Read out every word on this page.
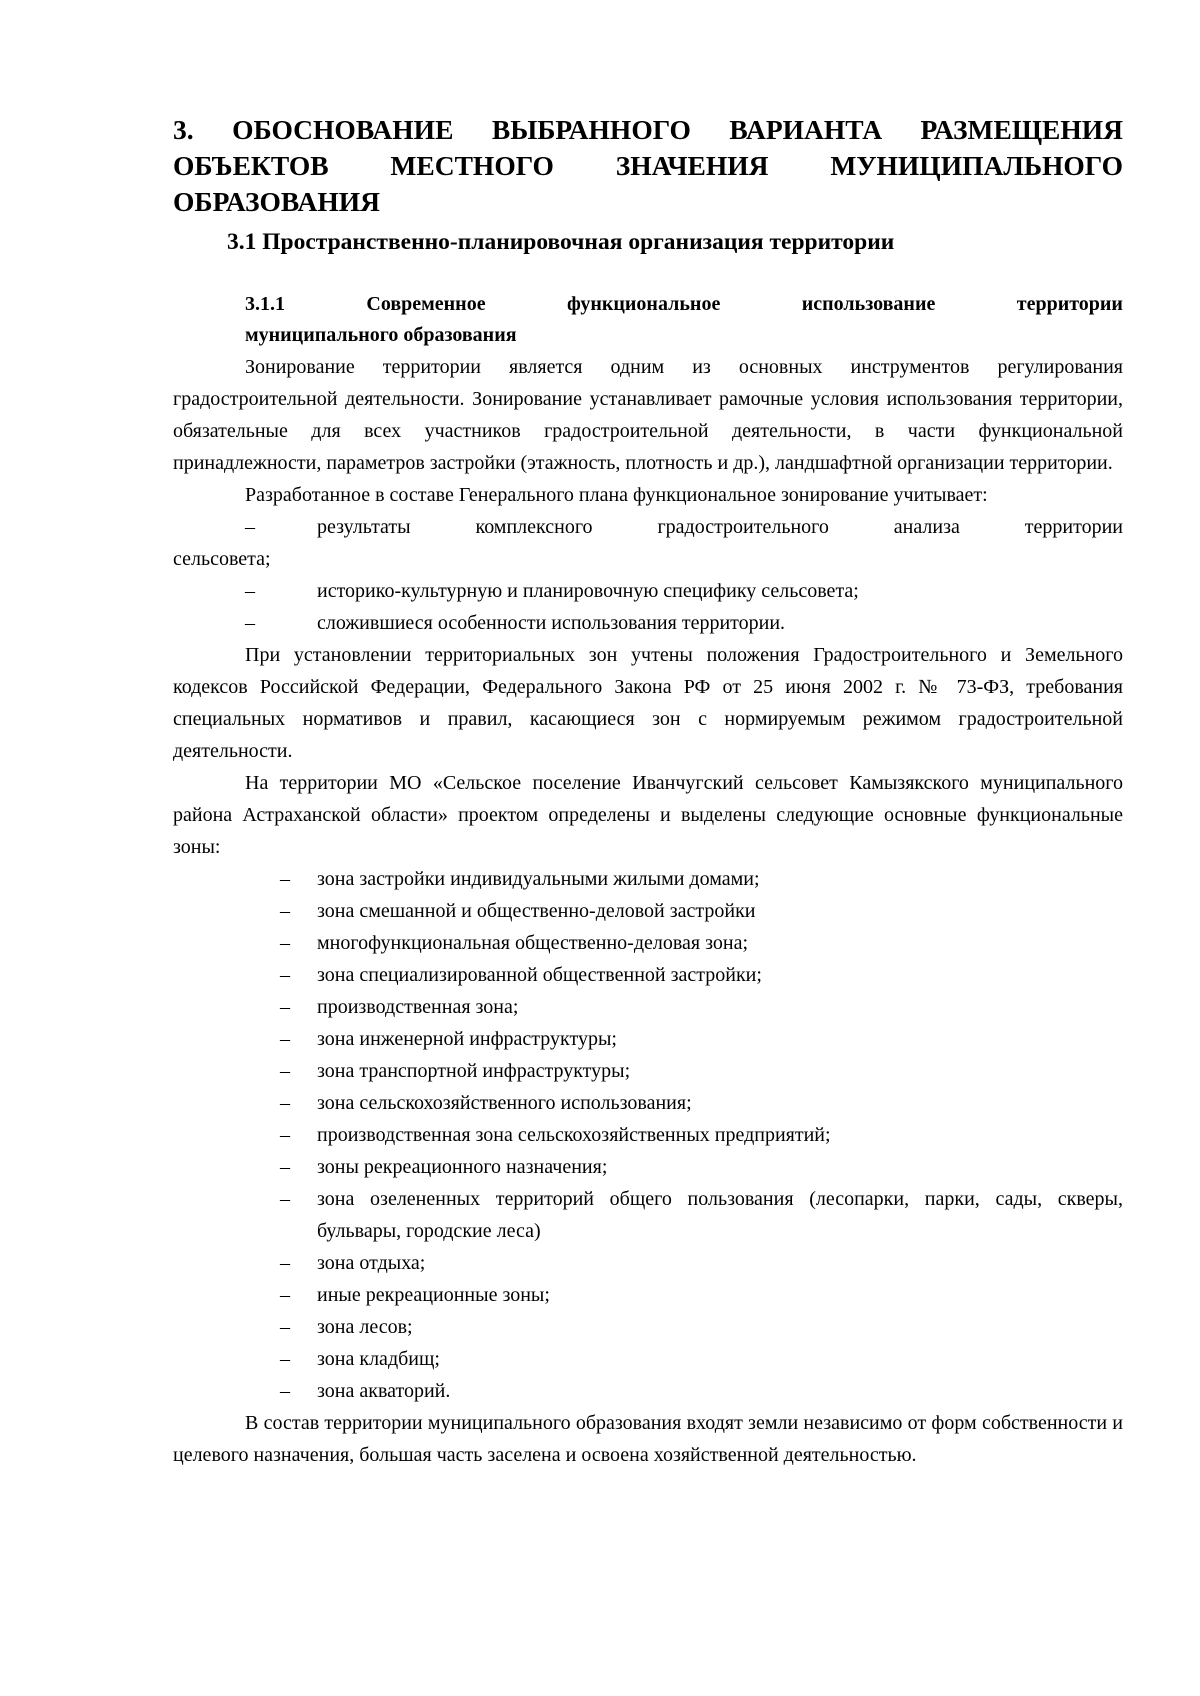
3. ОБОСНОВАНИЕ ВЫБРАННОГО ВАРИАНТА РАЗМЕЩЕНИЯ ОБЪЕКТОВ МЕСТНОГО ЗНАЧЕНИЯ МУНИЦИПАЛЬНОГО ОБРАЗОВАНИЯ
3.1 Пространственно-планировочная организация территории
3.1.1	Современное	функциональное	использование	территории
муниципального образования

Зонирование территории является одним из основных инструментов регулирования градостроительной деятельности. Зонирование устанавливает рамочные условия использования территории, обязательные для всех участников градостроительной деятельности, в части функциональной принадлежности, параметров застройки (этажность, плотность и др.), ландшафтной организации территории.

Разработанное в составе Генерального плана функциональное зонирование учитывает:

–	результаты комплексного градостроительного анализа территории
сельсовета;
–	историко-культурную и планировочную специфику сельсовета;
–	сложившиеся особенности использования территории.

При установлении территориальных зон учтены положения Градостроительного и Земельного кодексов Российской Федерации, Федерального Закона РФ от 25 июня 2002 г. № 73-ФЗ, требования специальных нормативов и правил, касающиеся зон с нормируемым режимом градостроительной деятельности.

На территории МО «Сельское поселение Иванчугский сельсовет Камызякского муниципального района Астраханской области» проектом определены и выделены следующие основные функциональные зоны:

– зона застройки индивидуальными жилыми домами;
– зона смешанной и общественно-деловой застройки
– многофункциональная общественно-деловая зона;
– зона специализированной общественной застройки;
– производственная зона;
– зона инженерной инфраструктуры;
– зона транспортной инфраструктуры;
– зона сельскохозяйственного использования;
– производственная зона сельскохозяйственных предприятий;
– зоны рекреационного назначения;
– зона озелененных территорий общего пользования (лесопарки, парки, сады, скверы, бульвары, городские леса)
– зона отдыха;
– иные рекреационные зоны;
– зона лесов;
– зона кладбищ;
– зона акваторий.

В состав территории муниципального образования входят земли независимо от форм собственности и целевого назначения, большая часть заселена и освоена хозяйственной деятельностью.
